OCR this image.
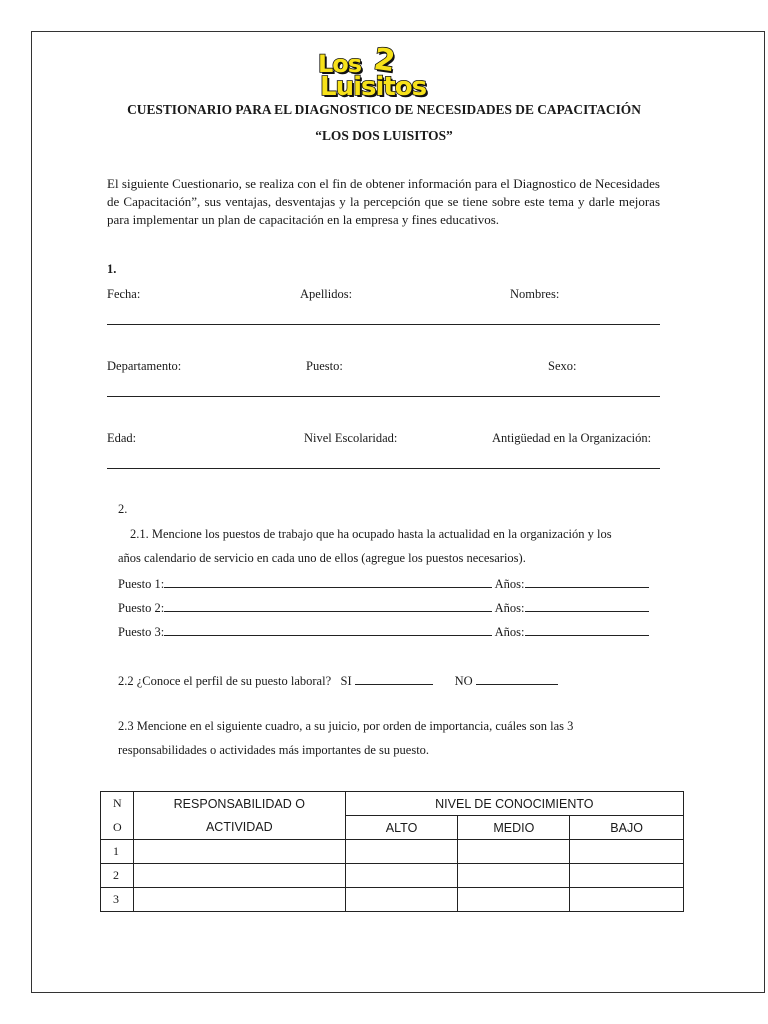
Los 2
Luisitos
CUESTIONARIO PARA EL DIAGNOSTICO DE NECESIDADES DE CAPACITACIÓN
“LOS DOS LUISITOS”
El siguiente Cuestionario, se realiza con el fin de obtener información para el Diagnostico de Necesidades de Capacitación”, sus ventajas, desventajas y la percepción que se tiene sobre este tema y darle mejoras para implementar un plan de capacitación en la empresa y fines educativos.
1.
Fecha:	Apellidos:	Nombres:
Departamento:	Puesto:	Sexo:
Edad:	Nivel Escolaridad:	Antigüedad en la Organización:
2.
2.1. Mencione los puestos de trabajo que ha ocupado hasta la actualidad en la organización y los
años calendario de servicio en cada uno de ellos (agregue los puestos necesarios).
Puesto 1:	Años:
Puesto 2:	Años:
Puesto 3:	Años:
2.2 ¿Conoce el perfil de su puesto laboral? SI	NO
2.3 Mencione en el siguiente cuadro, a su juicio, por orden de importancia, cuáles son las 3
responsabilidades o actividades más importantes de su puesto.
N	RESPONSABILIDAD O	NIVEL DE CONOCIMIENTO		
O	ACTIVIDAD	ALTO	MEDIO	BAJO
1				
2				
3				
